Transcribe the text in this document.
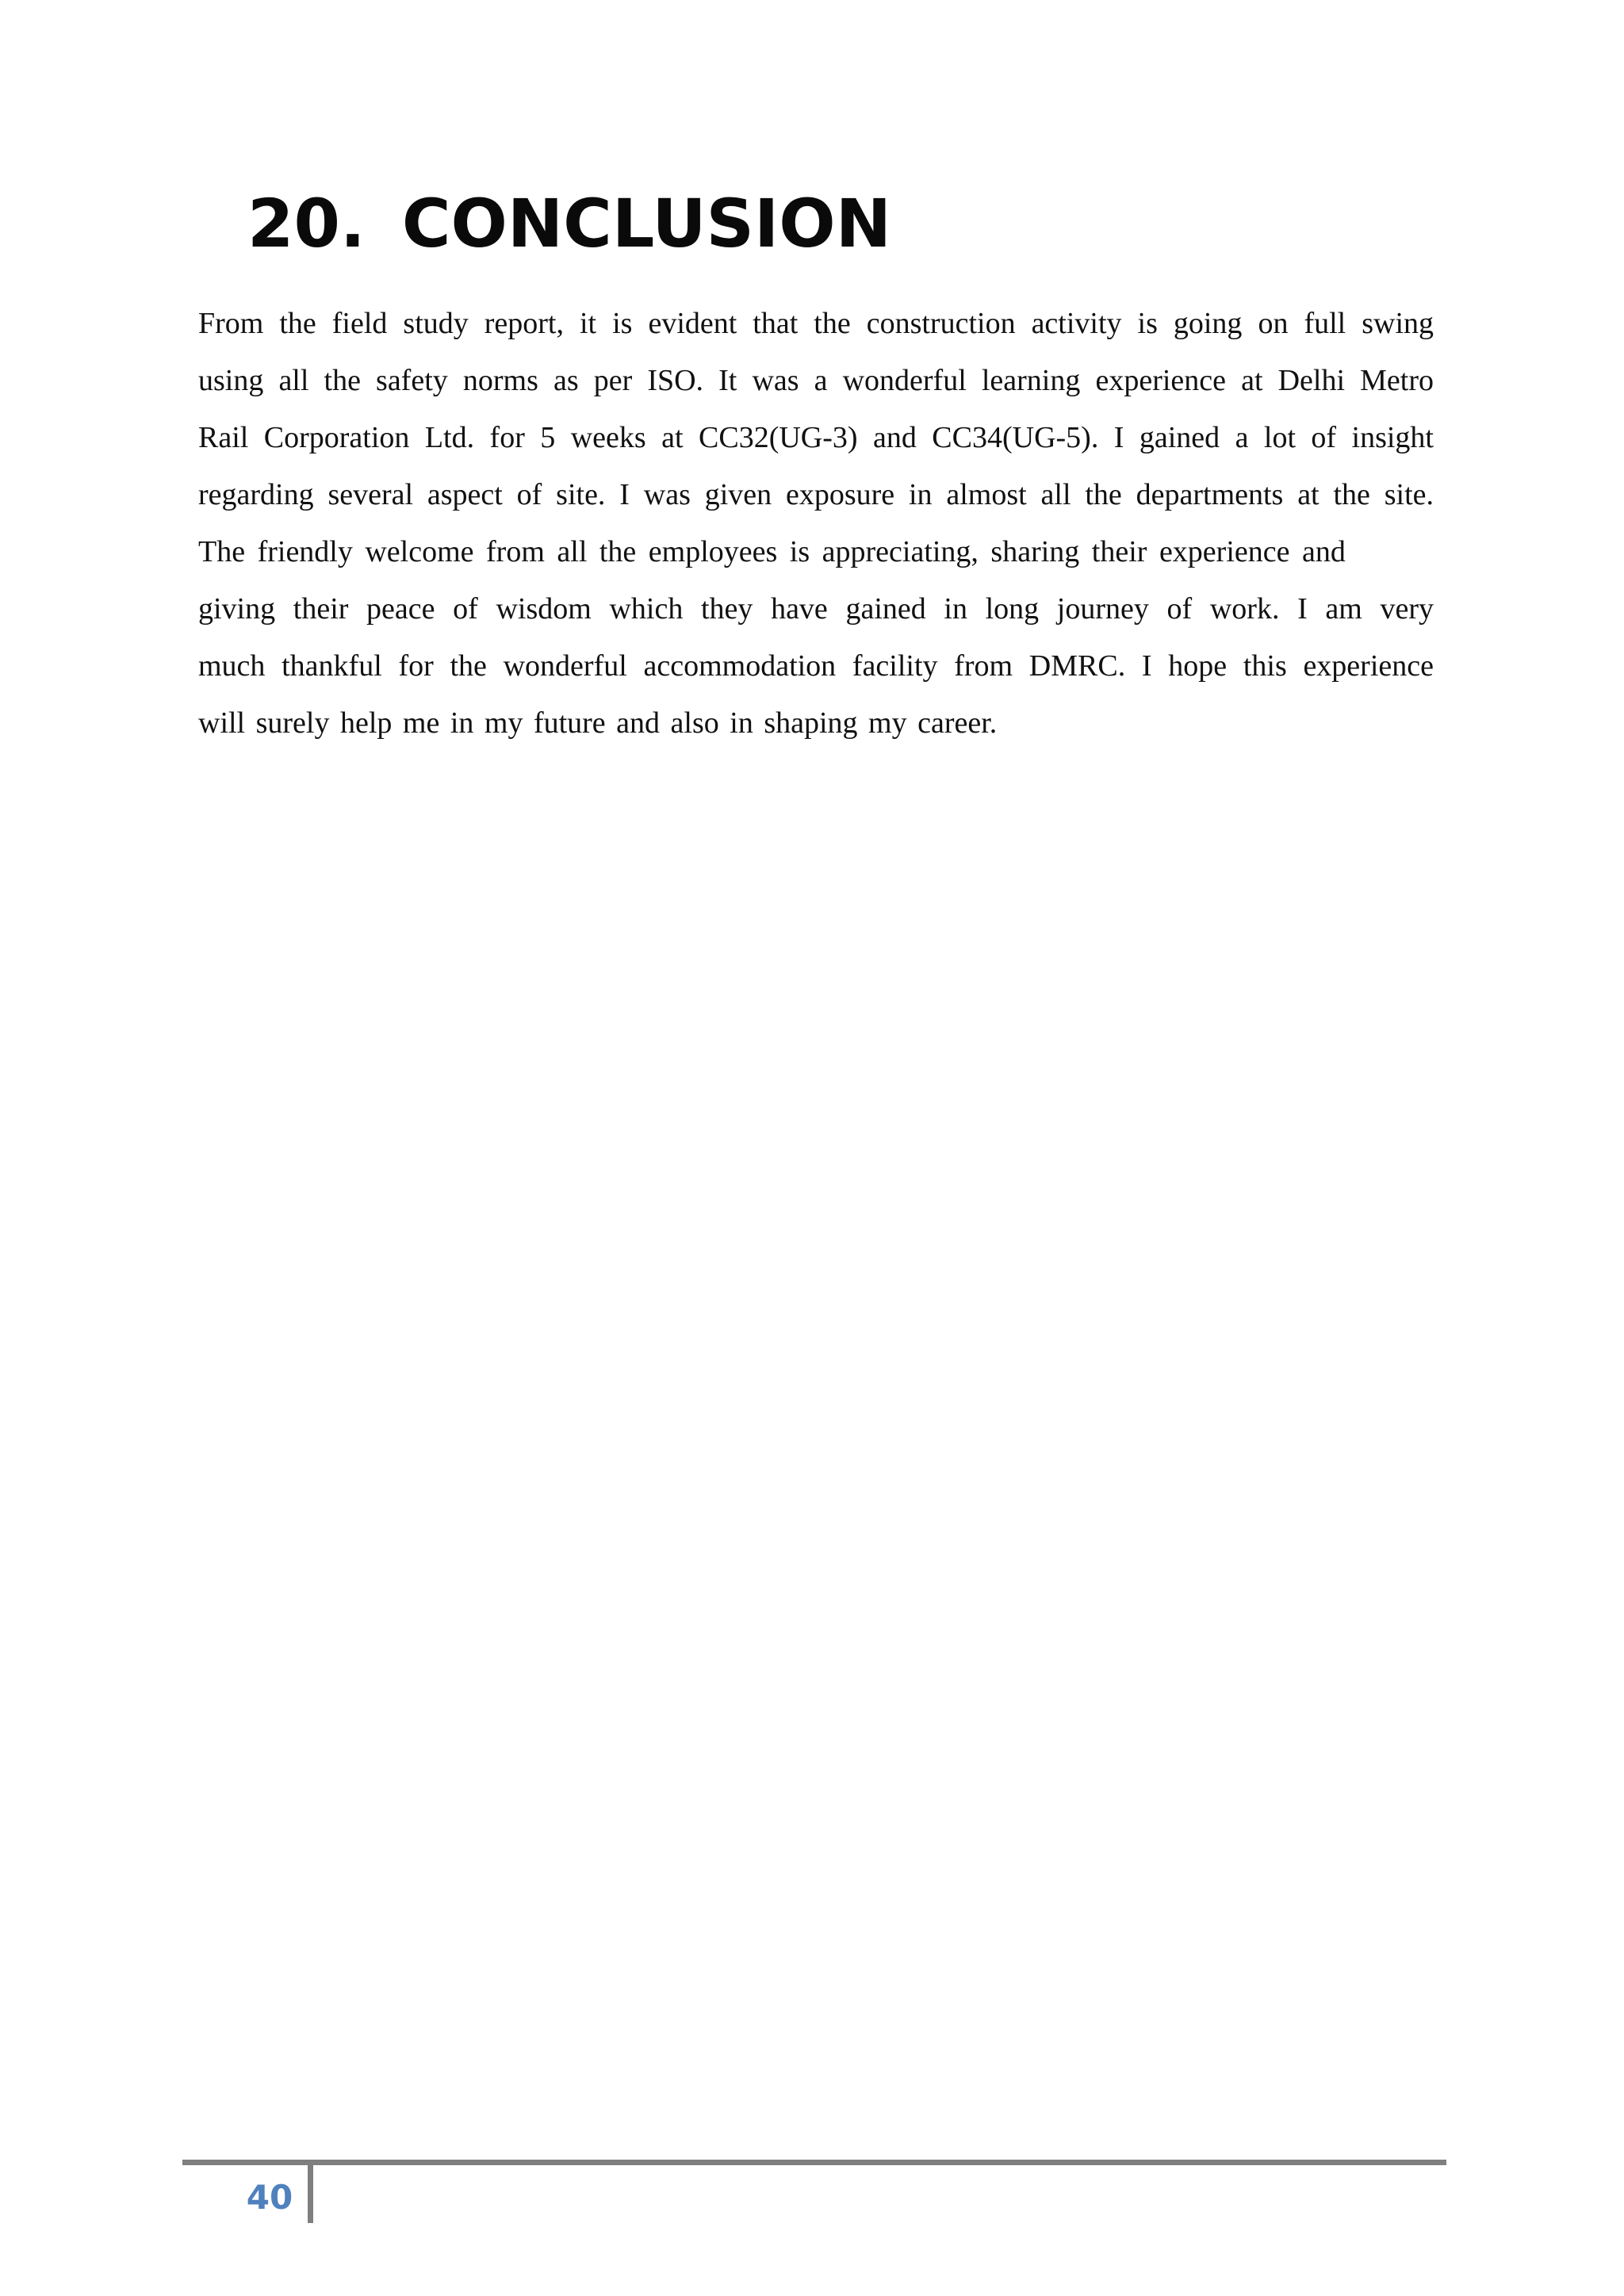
20. CONCLUSION
From the field study report, it is evident that the construction activity is going on full swing
using all the safety norms as per ISO. It was a wonderful learning experience at Delhi Metro
Rail Corporation Ltd. for 5 weeks at CC32(UG-3) and CC34(UG-5). I gained a lot of insight
regarding several aspect of site. I was given exposure in almost all the departments at the site.
The friendly welcome from all the employees is appreciating, sharing their experience and
giving their peace of wisdom which they have gained in long journey of work. I am very
much thankful for the wonderful accommodation facility from DMRC. I hope this experience
will surely help me in my future and also in shaping my career.
40
